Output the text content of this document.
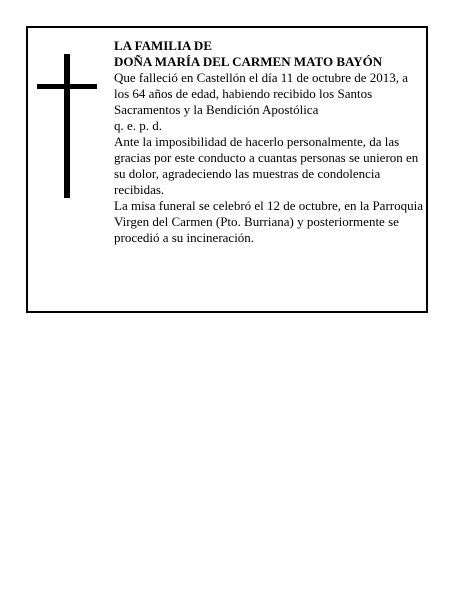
LA FAMILIA DE

DOÑA MARÍA DEL CARMEN MATO BAYÓN

Que falleció en Castellón el día 11 de octubre de 2013, a los 64 años de edad, habiendo recibido los Santos Sacramentos y la Bendición Apostólica

q. e. p. d.

Ante la imposibilidad de hacerlo personalmente, da las gracias por este conducto a cuantas personas se unieron en su dolor, agradeciendo las muestras de condolencia recibidas.

La misa funeral se celebró el 12 de octubre, en la Parroquia Virgen del Carmen (Pto. Burriana) y posteriormente se procedió a su incineración.
